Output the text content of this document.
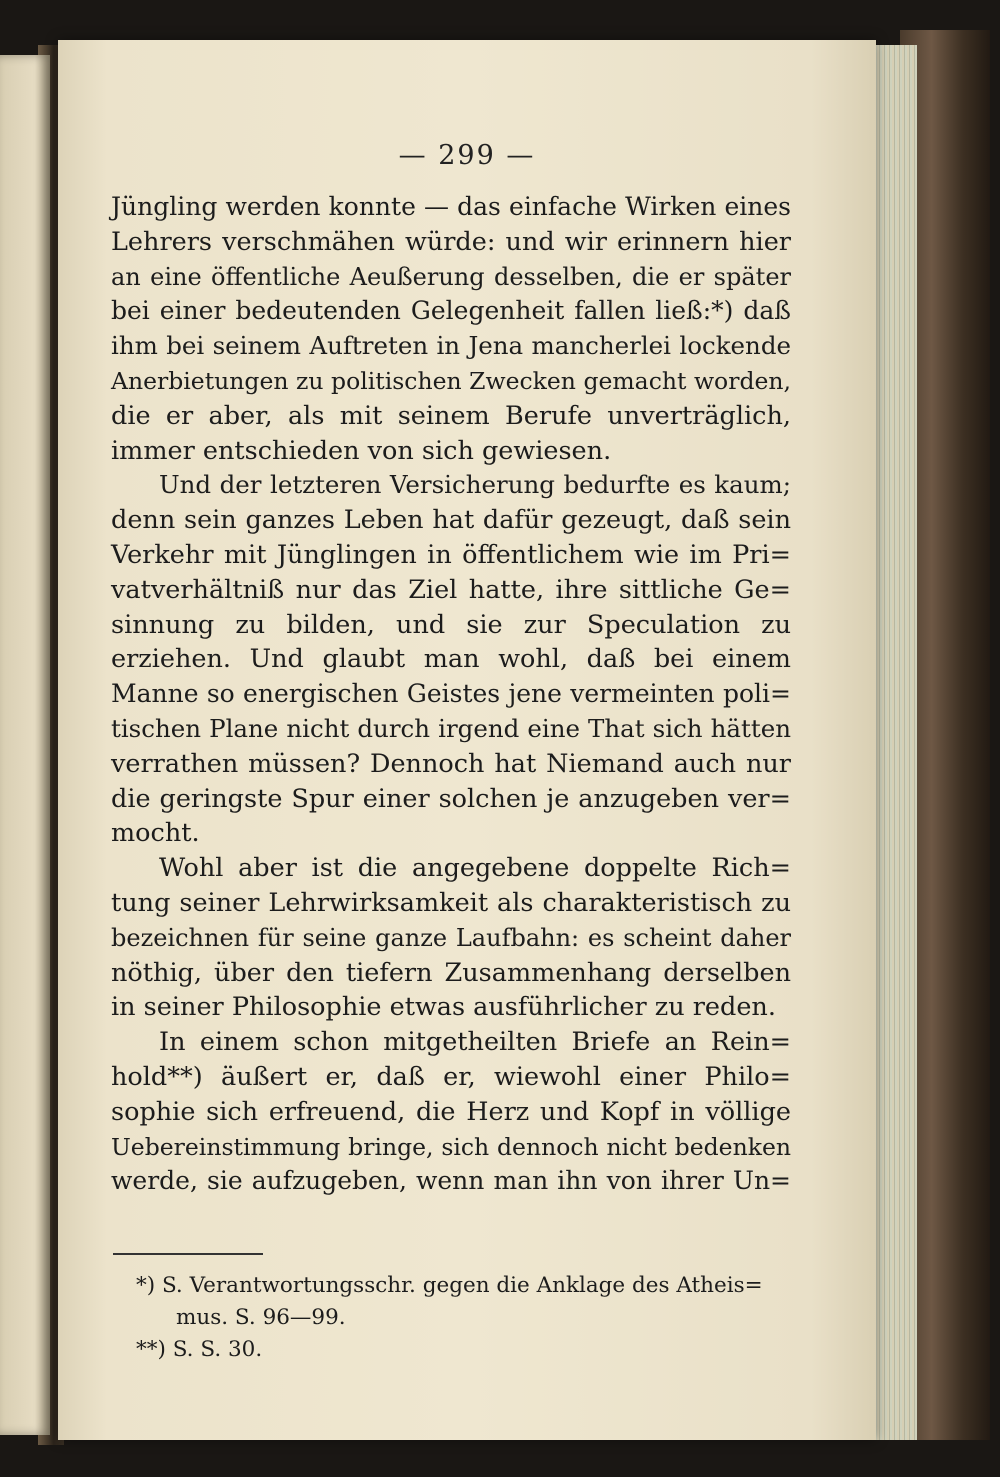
— 299 —
Jüngling werden konnte — das einfache Wirken eines
Lehrers verschmähen würde: und wir erinnern hier
an eine öffentliche Aeußerung desselben, die er später
bei einer bedeutenden Gelegenheit fallen ließ:*) daß
ihm bei seinem Auftreten in Jena mancherlei lockende
Anerbietungen zu politischen Zwecken gemacht worden,
die er aber, als mit seinem Berufe unverträglich,
immer entschieden von sich gewiesen.
Und der letzteren Versicherung bedurfte es kaum;
denn sein ganzes Leben hat dafür gezeugt, daß sein
Verkehr mit Jünglingen in öffentlichem wie im Pri=
vatverhältniß nur das Ziel hatte, ihre sittliche Ge=
sinnung zu bilden, und sie zur Speculation zu
erziehen. Und glaubt man wohl, daß bei einem
Manne so energischen Geistes jene vermeinten poli=
tischen Plane nicht durch irgend eine That sich hätten
verrathen müssen? Dennoch hat Niemand auch nur
die geringste Spur einer solchen je anzugeben ver=
mocht.
Wohl aber ist die angegebene doppelte Rich=
tung seiner Lehrwirksamkeit als charakteristisch zu
bezeichnen für seine ganze Laufbahn: es scheint daher
nöthig, über den tiefern Zusammenhang derselben
in seiner Philosophie etwas ausführlicher zu reden.
In einem schon mitgetheilten Briefe an Rein=
hold**) äußert er, daß er, wiewohl einer Philo=
sophie sich erfreuend, die Herz und Kopf in völlige
Uebereinstimmung bringe, sich dennoch nicht bedenken
werde, sie aufzugeben, wenn man ihn von ihrer Un=
*) S. Verantwortungsschr. gegen die Anklage des Atheis=
mus. S. 96—99.
**) S. S. 30.
